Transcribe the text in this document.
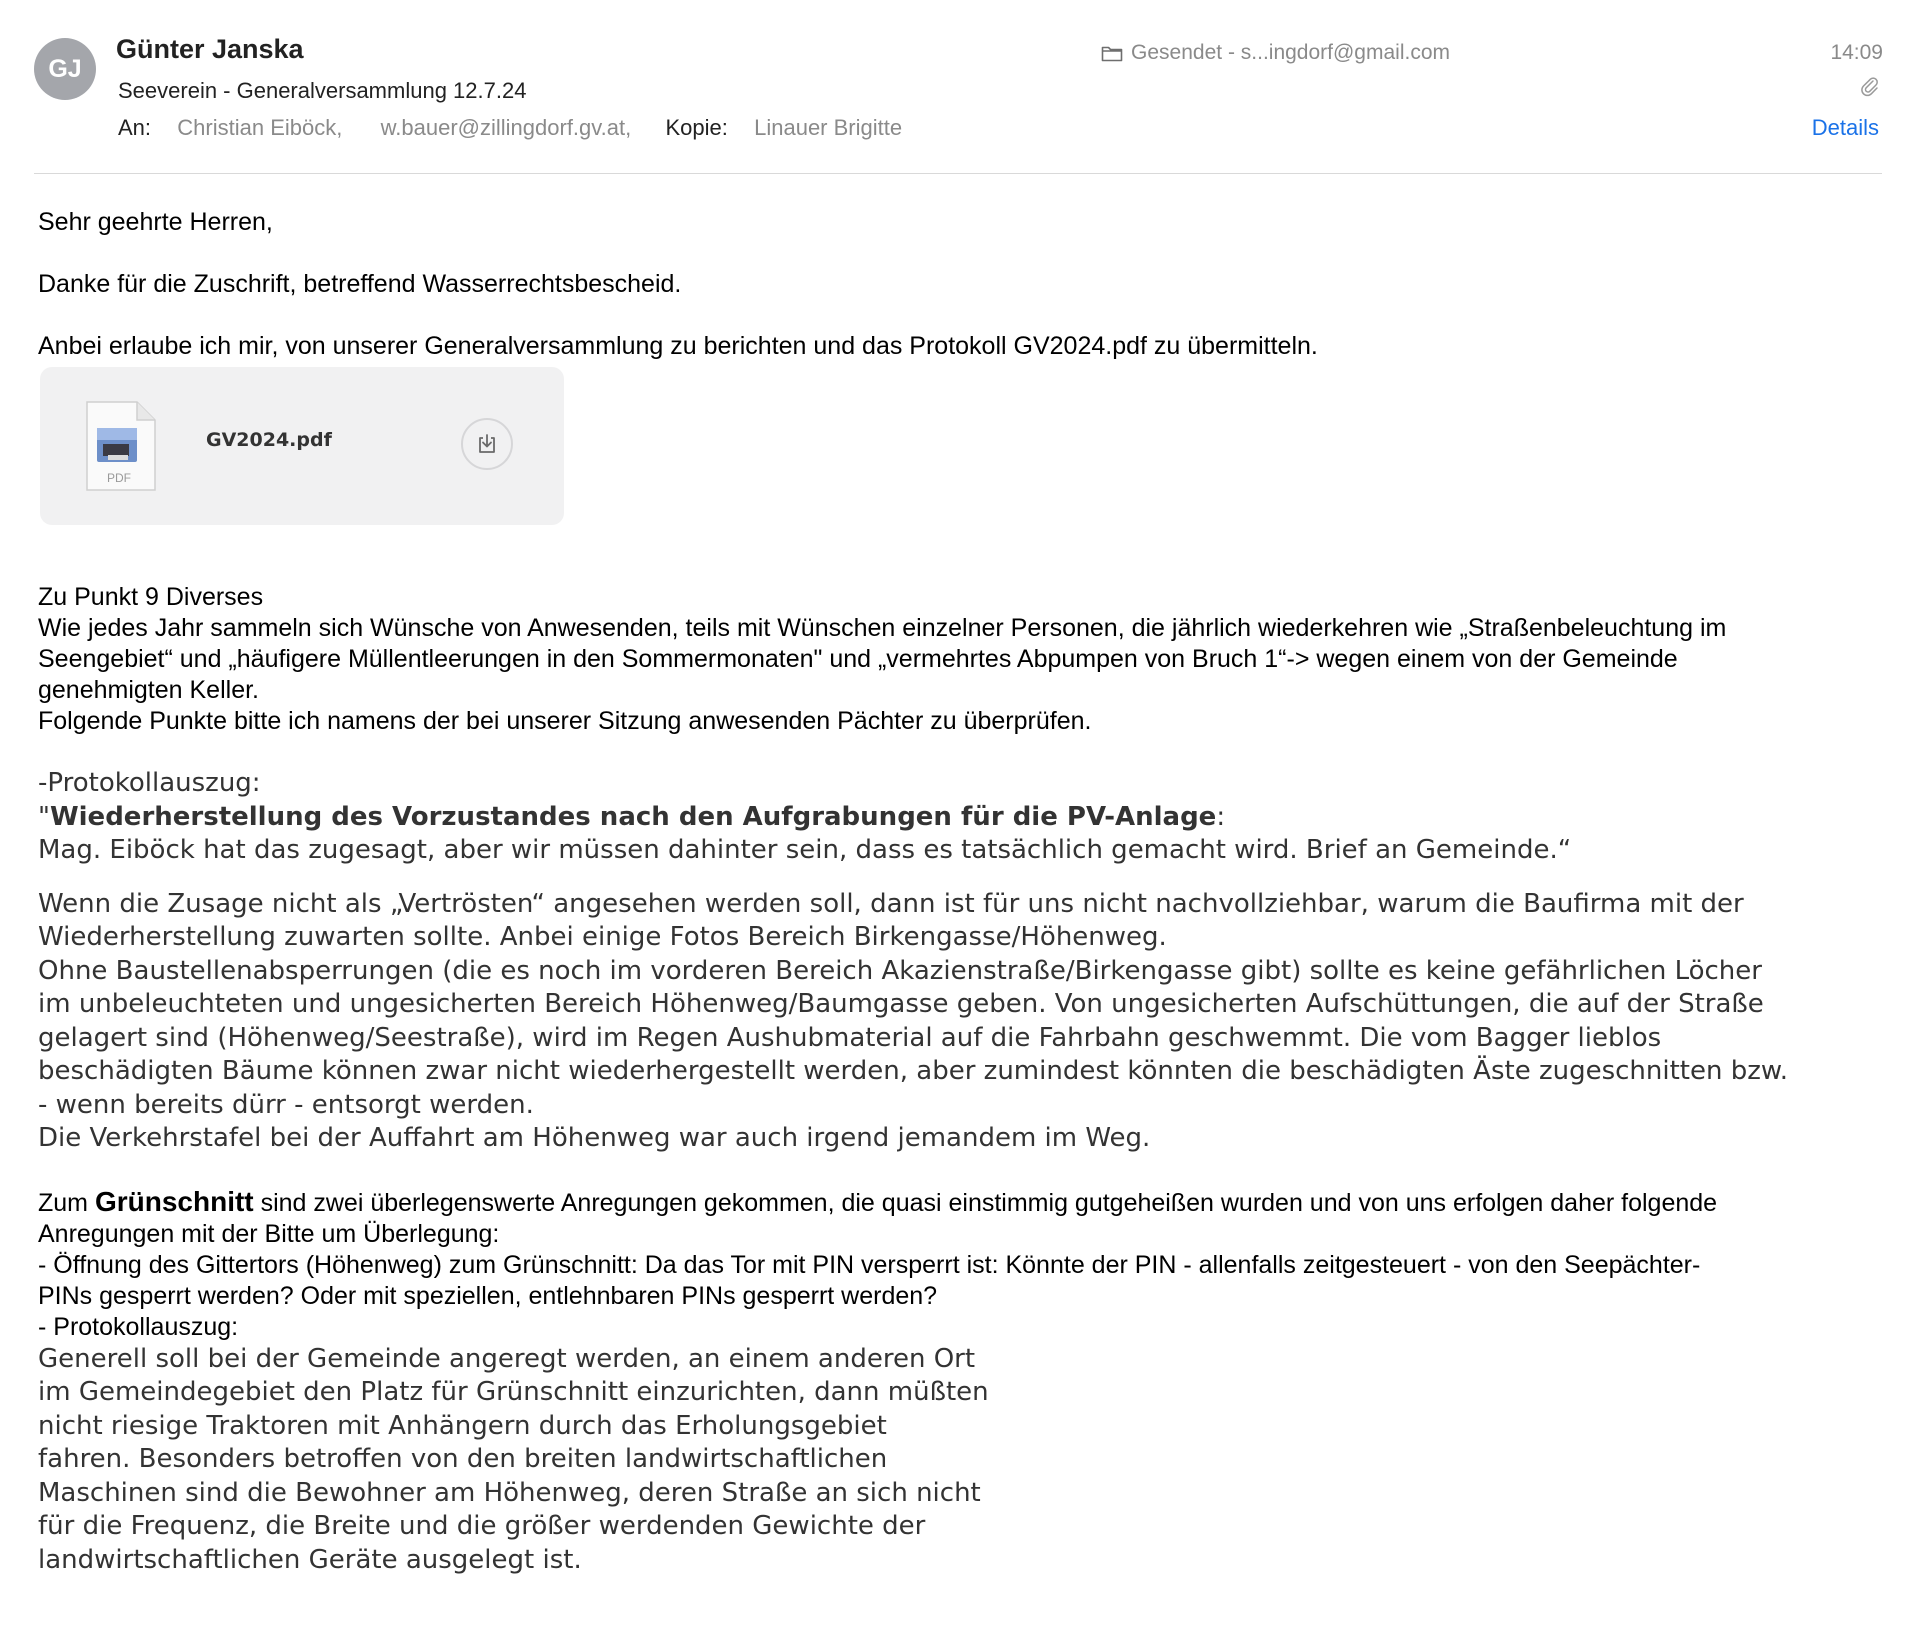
GJ
Günter Janska
Seeverein - Generalversammlung 12.7.24
An: Christian Eiböck, w.bauer@zillingdorf.gv.at, Kopie: Linauer Brigitte
Gesendet - s...ingdorf@gmail.com	14:09
Details

Sehr geehrte Herren,

Danke für die Zuschrift, betreffend Wasserrechtsbescheid.

Anbei erlaube ich mir, von unserer Generalversammlung zu berichten und das Protokoll GV2024.pdf zu übermitteln.

PDF
GV2024.pdf

Zu Punkt 9 Diverses

Wie jedes Jahr sammeln sich Wünsche von Anwesenden, teils mit Wünschen einzelner Personen, die jährlich wiederkehren wie „Straßenbeleuchtung im

Seengebiet“ und „häufigere Müllentleerungen in den Sommermonaten" und „vermehrtes Abpumpen von Bruch 1“-> wegen einem von der Gemeinde

genehmigten Keller.

Folgende Punkte bitte ich namens der bei unserer Sitzung anwesenden Pächter zu überprüfen.

-Protokollauszug:

"Wiederherstellung des Vorzustandes nach den Aufgrabungen für die PV-Anlage:

Mag. Eiböck hat das zugesagt, aber wir müssen dahinter sein, dass es tatsächlich gemacht wird. Brief an Gemeinde.“

Wenn die Zusage nicht als „Vertrösten“ angesehen werden soll, dann ist für uns nicht nachvollziehbar, warum die Baufirma mit der

Wiederherstellung zuwarten sollte. Anbei einige Fotos Bereich Birkengasse/Höhenweg.

Ohne Baustellenabsperrungen (die es noch im vorderen Bereich Akazienstraße/Birkengasse gibt) sollte es keine gefährlichen Löcher

im unbeleuchteten und ungesicherten Bereich Höhenweg/Baumgasse geben. Von ungesicherten Aufschüttungen, die auf der Straße

gelagert sind (Höhenweg/Seestraße), wird im Regen Aushubmaterial auf die Fahrbahn geschwemmt. Die vom Bagger lieblos

beschädigten Bäume können zwar nicht wiederhergestellt werden, aber zumindest könnten die beschädigten Äste zugeschnitten bzw.

- wenn bereits dürr - entsorgt werden.

Die Verkehrstafel bei der Auffahrt am Höhenweg war auch irgend jemandem im Weg.

Zum Grünschnitt sind zwei überlegenswerte Anregungen gekommen, die quasi einstimmig gutgeheißen wurden und von uns erfolgen daher folgende

Anregungen mit der Bitte um Überlegung:

- Öffnung des Gittertors (Höhenweg) zum Grünschnitt: Da das Tor mit PIN versperrt ist: Könnte der PIN - allenfalls zeitgesteuert - von den Seepächter-

PINs gesperrt werden? Oder mit speziellen, entlehnbaren PINs gesperrt werden?

- Protokollauszug:

Generell soll bei der Gemeinde angeregt werden, an einem anderen Ort

im Gemeindegebiet den Platz für Grünschnitt einzurichten, dann müßten

nicht riesige Traktoren mit Anhängern durch das Erholungsgebiet

fahren. Besonders betroffen von den breiten landwirtschaftlichen

Maschinen sind die Bewohner am Höhenweg, deren Straße an sich nicht

für die Frequenz, die Breite und die größer werdenden Gewichte der

landwirtschaftlichen Geräte ausgelegt ist.
